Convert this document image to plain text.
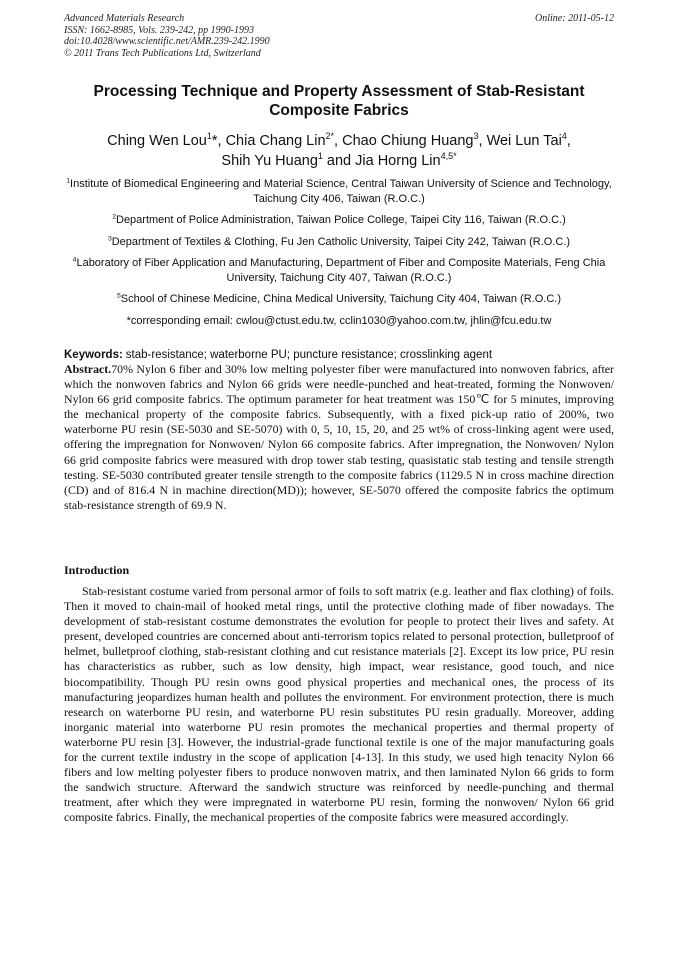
Advanced Materials Research
ISSN: 1662-8985, Vols. 239-242, pp 1990-1993
doi:10.4028/www.scientific.net/AMR.239-242.1990
© 2011 Trans Tech Publications Ltd, Switzerland
Online: 2011-05-12
Processing Technique and Property Assessment of Stab-Resistant Composite Fabrics
Ching Wen Lou$^1$*, Chia Chang Lin$^{2*}$, Chao Chiung Huang$^3$, Wei Lun Tai$^4$,
Shih Yu Huang$^1$ and Jia Horng Lin$^{4,5*}$
$^1$Institute of Biomedical Engineering and Material Science, Central Taiwan University of Science and Technology, Taichung City 406, Taiwan (R.O.C.)
$^2$Department of Police Administration, Taiwan Police College, Taipei City 116, Taiwan (R.O.C.)
$^3$Department of Textiles & Clothing, Fu Jen Catholic University, Taipei City 242, Taiwan (R.O.C.)
$^4$Laboratory of Fiber Application and Manufacturing, Department of Fiber and Composite Materials, Feng Chia University, Taichung City 407, Taiwan (R.O.C.)
$^5$School of Chinese Medicine, China Medical University, Taichung City 404, Taiwan (R.O.C.)
*corresponding email: cwlou@ctust.edu.tw, cclin1030@yahoo.com.tw, jhlin@fcu.edu.tw
Keywords: stab-resistance; waterborne PU; puncture resistance; crosslinking agent
Abstract.70% Nylon 6 fiber and 30% low melting polyester fiber were manufactured into nonwoven fabrics, after which the nonwoven fabrics and Nylon 66 grids were needle-punched and heat-treated, forming the Nonwoven/ Nylon 66 grid composite fabrics. The optimum parameter for heat treatment was 150℃ for 5 minutes, improving the mechanical property of the composite fabrics. Subsequently, with a fixed pick-up ratio of 200%, two waterborne PU resin (SE-5030 and SE-5070) with 0, 5, 10, 15, 20, and 25 wt% of cross-linking agent were used, offering the impregnation for Nonwoven/ Nylon 66 composite fabrics. After impregnation, the Nonwoven/ Nylon 66 grid composite fabrics were measured with drop tower stab testing, quasistatic stab testing and tensile strength testing. SE-5030 contributed greater tensile strength to the composite fabrics (1129.5 N in cross machine direction (CD) and of 816.4 N in machine direction(MD)); however, SE-5070 offered the composite fabrics the optimum stab-resistance strength of 69.9 N.
Introduction
Stab-resistant costume varied from personal armor of foils to soft matrix (e.g. leather and flax clothing) of foils. Then it moved to chain-mail of hooked metal rings, until the protective clothing made of fiber nowadays. The development of stab-resistant costume demonstrates the evolution for people to protect their lives and safety. At present, developed countries are concerned about anti-terrorism topics related to personal protection, bulletproof of helmet, bulletproof clothing, stab-resistant clothing and cut resistance materials [2]. Except its low price, PU resin has characteristics as rubber, such as low density, high impact, wear resistance, good touch, and nice biocompatibility. Though PU resin owns good physical properties and mechanical ones, the process of its manufacturing jeopardizes human health and pollutes the environment. For environment protection, there is much research on waterborne PU resin, and waterborne PU resin substitutes PU resin gradually. Moreover, adding inorganic material into waterborne PU resin promotes the mechanical properties and thermal property of waterborne PU resin [3]. However, the industrial-grade functional textile is one of the major manufacturing goals for the current textile industry in the scope of application [4-13]. In this study, we used high tenacity Nylon 66 fibers and low melting polyester fibers to produce nonwoven matrix, and then laminated Nylon 66 grids to form the sandwich structure. Afterward the sandwich structure was reinforced by needle-punching and thermal treatment, after which they were impregnated in waterborne PU resin, forming the nonwoven/ Nylon 66 grid composite fabrics. Finally, the mechanical properties of the composite fabrics were measured accordingly.
